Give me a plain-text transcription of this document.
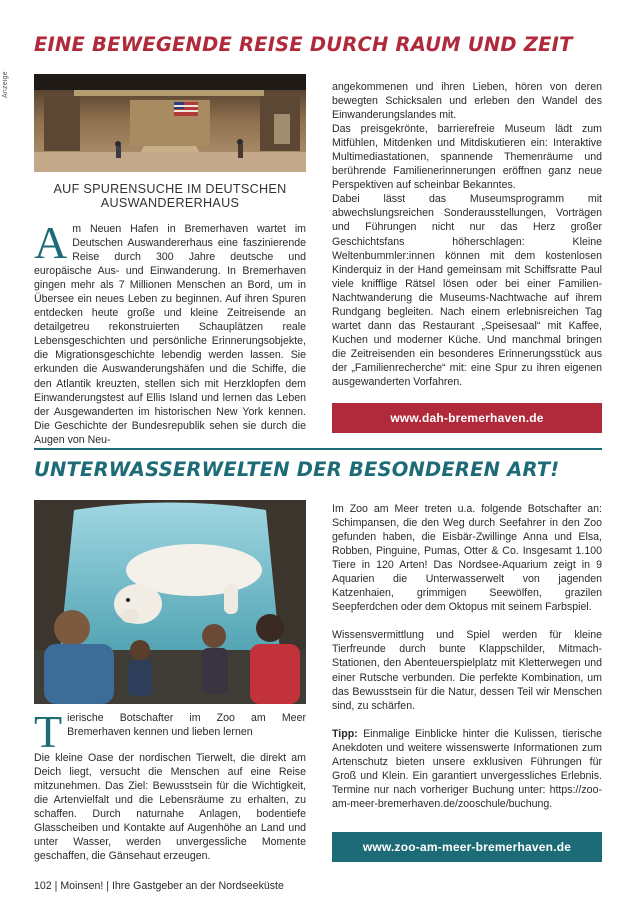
Anzeige
EINE BEWEGENDE REISE DURCH RAUM UND ZEIT
AUF SPURENSUCHE IM DEUTSCHEN AUSWANDERERHAUS

Am Neuen Hafen in Bremerhaven wartet im Deutschen Auswandererhaus eine faszinierende Reise durch 300 Jahre deutsche und europäische Aus- und Einwanderung. In Bremerhaven gingen mehr als 7 Millionen Menschen an Bord, um in Übersee ein neues Leben zu beginnen. Auf ihren Spuren entdecken heute große und kleine Zeitreisende an detailgetreu rekonstruierten Schauplätzen reale Lebensgeschichten und persönliche Erinnerungsobjekte, die Migrationsgeschichte lebendig werden lassen. Sie erkunden die Auswanderungshäfen und die Schiffe, die den Atlantik kreuzten, stellen sich mit Herzklopfen dem Einwanderungstest auf Ellis Island und lernen das Leben der Ausgewanderten im historischen New York kennen. Die Geschichte der Bundesrepublik sehen sie durch die Augen von Neu-

angekommenen und ihren Lieben, hören von deren bewegten Schicksalen und erleben den Wandel des Einwanderungslandes mit.

Das preisgekrönte, barrierefreie Museum lädt zum Mitfühlen, Mitdenken und Mitdiskutieren ein: Interaktive Multimediastationen, spannende Themenräume und berührende Familienerinnerungen eröffnen ganz neue Perspektiven auf scheinbar Bekanntes.

Dabei lässt das Museumsprogramm mit abwechslungsreichen Sonderausstellungen, Vorträgen und Führungen nicht nur das Herz großer Geschichtsfans höherschlagen: Kleine Weltenbummler:innen können mit dem kostenlosen Kinderquiz in der Hand gemeinsam mit Schiffsratte Paul viele knifflige Rätsel lösen oder bei einer Familien-Nachtwanderung die Museums-Nachtwache auf ihrem Rundgang begleiten. Nach einem erlebnisreichen Tag wartet dann das Restaurant „Speisesaal“ mit Kaffee, Kuchen und moderner Küche. Und manchmal bringen die Zeitreisenden ein besonderes Erinnerungsstück aus der „Familienrecherche“ mit: eine Spur zu ihren eigenen ausgewanderten Vorfahren.

www.dah-bremerhaven.de
UNTERWASSERWELTEN DER BESONDEREN ART!

Tierische Botschafter im Zoo am Meer Bremerhaven kennen und lieben lernen

Die kleine Oase der nordischen Tierwelt, die direkt am Deich liegt, versucht die Menschen auf eine Reise mitzunehmen. Das Ziel: Bewusstsein für die Wichtigkeit, die Artenvielfalt und die Lebensräume zu erhalten, zu schaffen. Durch naturnahe Anlagen, bodentiefe Glasscheiben und Kontakte auf Augenhöhe an Land und unter Wasser, werden unvergessliche Momente geschaffen, die Gänsehaut erzeugen.

Im Zoo am Meer treten u.a. folgende Botschafter an: Schimpansen, die den Weg durch Seefahrer in den Zoo gefunden haben, die Eisbär-Zwillinge Anna und Elsa, Robben, Pinguine, Pumas, Otter & Co. Insgesamt 1.100 Tiere in 120 Arten! Das Nordsee-Aquarium zeigt in 9 Aquarien die Unterwasserwelt von jagenden Katzenhaien, grimmigen Seewölfen, grazilen Seepferdchen oder dem Oktopus mit seinem Farbspiel.

Wissensvermittlung und Spiel werden für kleine Tierfreunde durch bunte Klappschilder, Mitmach-Stationen, den Abenteuerspielplatz mit Kletterwegen und einer Rutsche verbunden. Die perfekte Kombination, um das Bewusstsein für die Natur, dessen Teil wir Menschen sind, zu schärfen.

Tipp: Einmalige Einblicke hinter die Kulissen, tierische Anekdoten und weitere wissenswerte Informationen zum Artenschutz bieten unsere exklusiven Führungen für Groß und Klein. Ein garantiert unvergessliches Erlebnis. Termine nur nach vorheriger Buchung unter: https://zoo-am-meer-bremerhaven.de/zooschule/buchung.

www.zoo-am-meer-bremerhaven.de
102 | Moinsen! | Ihre Gastgeber an der Nordseeküste
